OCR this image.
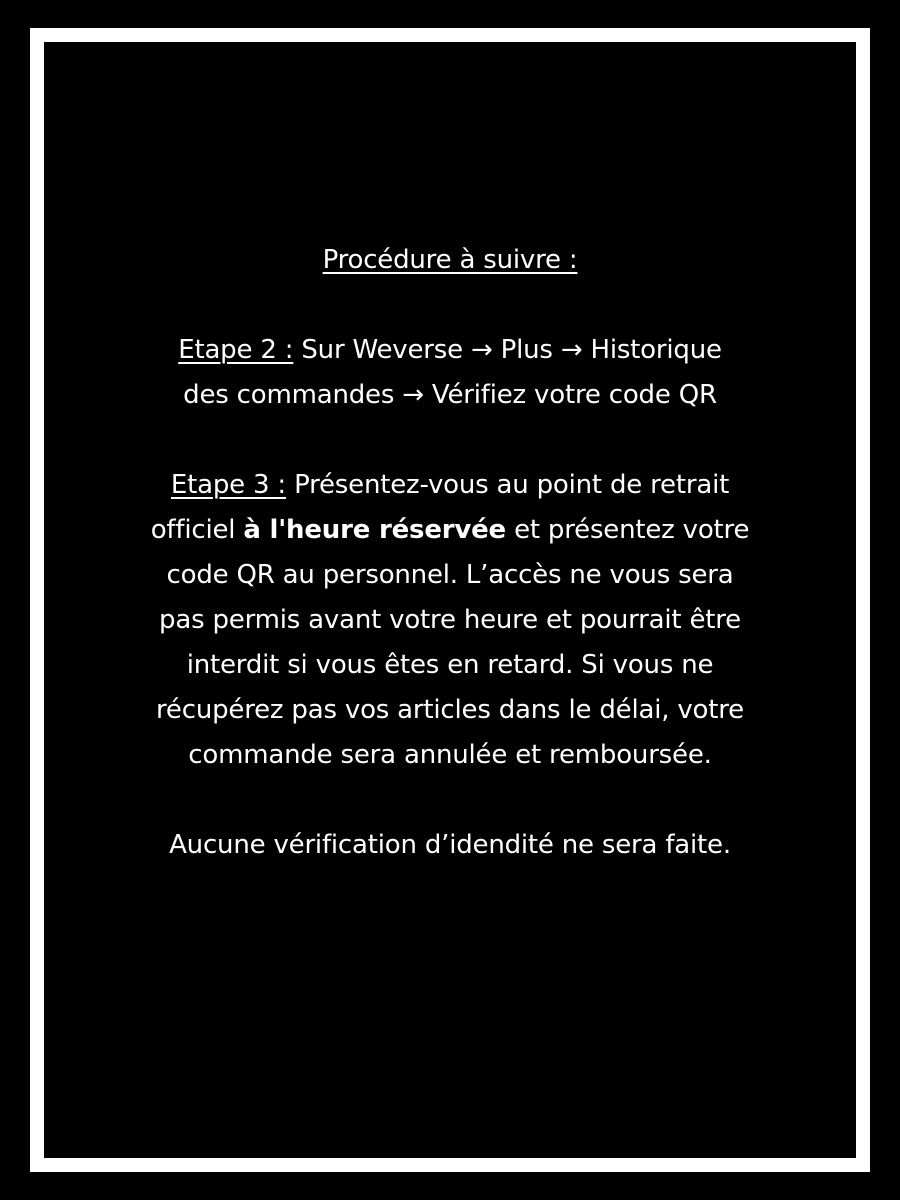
Procédure à suivre :

Etape 2 : Sur Weverse → Plus → Historique
des commandes → Vérifiez votre code QR

Etape 3 : Présentez-vous au point de retrait
officiel à l'heure réservée et présentez votre
code QR au personnel. L’accès ne vous sera
pas permis avant votre heure et pourrait être
interdit si vous êtes en retard. Si vous ne
récupérez pas vos articles dans le délai, votre
commande sera annulée et remboursée.

Aucune vérification d’idendité ne sera faite.
